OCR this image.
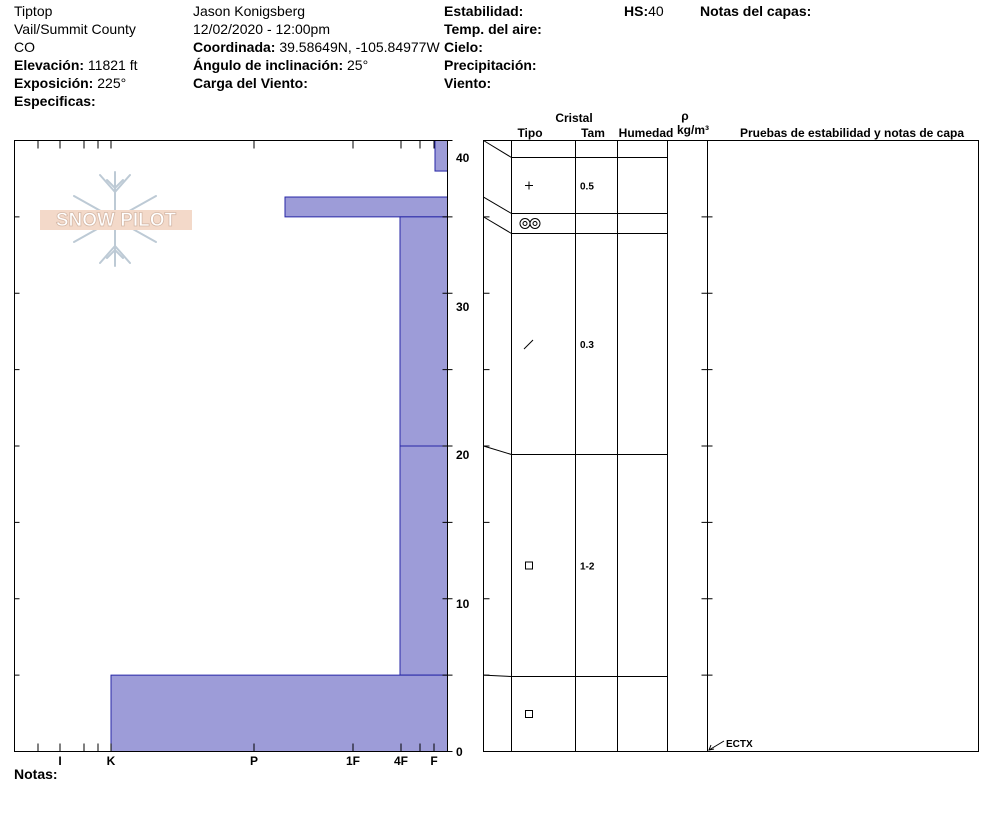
Tiptop
Vail/Summit County
CO
Elevación: 11821 ft
Exposición: 225°
Especificas:
Jason Konigsberg
12/02/2020 - 12:00pm
Coordinada: 39.58649N, -105.84977W
Ángulo de inclinación: 25°
Carga del Viento:
Estabilidad:
Temp. del aire:
Cielo:
Precipitación:
Viento:
HS:40	Notas del capas:
Notas:
SNOW PILOT
I	K	P	1F	4F F
40
30
20
10
0
Cristal
Tipo	Tam Humedad
ρ
kg/m³	Pruebas de estabilidad y notas de capa
0.5
0.3
1-2
ECTX
